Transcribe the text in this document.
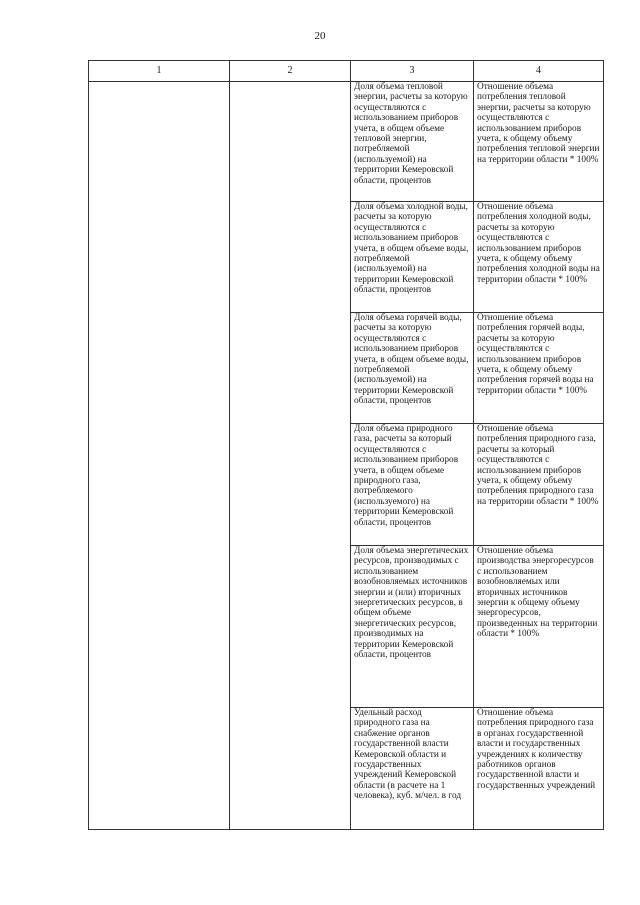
20
1	2	3	4
		Доля объема тепловой энергии, расчеты за которую осуществляются с использованием приборов учета, в общем объеме тепловой энергии, потребляемой (используемой) на территории Кемеровской области, процентов	Отношение объема потребления тепловой энергии, расчеты за которую осуществляются с использованием приборов учета, к общему объему потребления тепловой энергии на территории области * 100%
		Доля объема холодной воды, расчеты за которую осуществляются с использованием приборов учета, в общем объеме воды, потребляемой (используемой) на территории Кемеровской области, процентов	Отношение объема потребления холодной воды, расчеты за которую осуществляются с использованием приборов учета, к общему объему потребления холодной воды на территории области * 100%
		Доля объема горячей воды, расчеты за которую осуществляются с использованием приборов учета, в общем объеме воды, потребляемой (используемой) на территории Кемеровской области, процентов	Отношение объема потребления горячей воды, расчеты за которую осуществляются с использованием приборов учета, к общему объему потребления горячей воды на территории области * 100%
		Доля объема природного газа, расчеты за который осуществляются с использованием приборов учета, в общем объеме природного газа, потребляемого (используемого) на территории Кемеровской области, процентов	Отношение объема потребления природного газа, расчеты за который осуществляются с использованием приборов учета, к общему объему потребления природного газа на территории области * 100%
		Доля объема энергетических ресурсов, производимых с использованием возобновляемых источников энергии и (или) вторичных энергетических ресурсов, в общем объеме энергетических ресурсов, производимых на территории Кемеровской области, процентов	Отношение объема производства энергоресурсов с использованием возобновляемых или вторичных источников энергии к общему объему энергоресурсов, произведенных на территории области * 100%
		Удельный расход природного газа на снабжение органов государственной власти Кемеровской области и государственных учреждений Кемеровской области (в расчете на 1 человека), куб. м/чел. в год	Отношение объема потребления природного газа в органах государственной власти и государственных учреждениях к количеству работников органов государственной власти и государственных учреждений
